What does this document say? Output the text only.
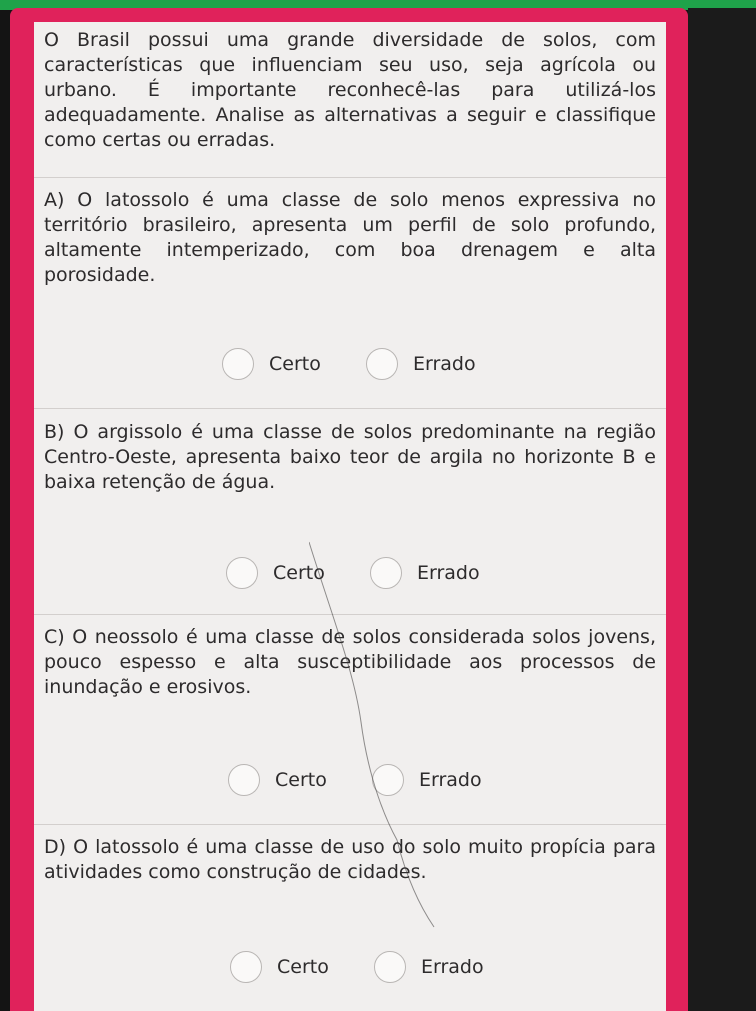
O Brasil possui uma grande diversidade de solos, com características que influenciam seu uso, seja agrícola ou urbano. É importante reconhecê-las para utilizá-los adequadamente. Analise as alternativas a seguir e classifique como certas ou erradas.

A) O latossolo é uma classe de solo menos expressiva no território brasileiro, apresenta um perfil de solo profundo, altamente intemperizado, com boa drenagem e alta porosidade.

Certo	Errado

B) O argissolo é uma classe de solos predominante na região Centro-Oeste, apresenta baixo teor de argila no horizonte B e baixa retenção de água.

Certo	Errado

C) O neossolo é uma classe de solos considerada solos jovens, pouco espesso e alta susceptibilidade aos processos de inundação e erosivos.

Certo	Errado

D) O latossolo é uma classe de uso do solo muito propícia para atividades como construção de cidades.

Certo	Errado
